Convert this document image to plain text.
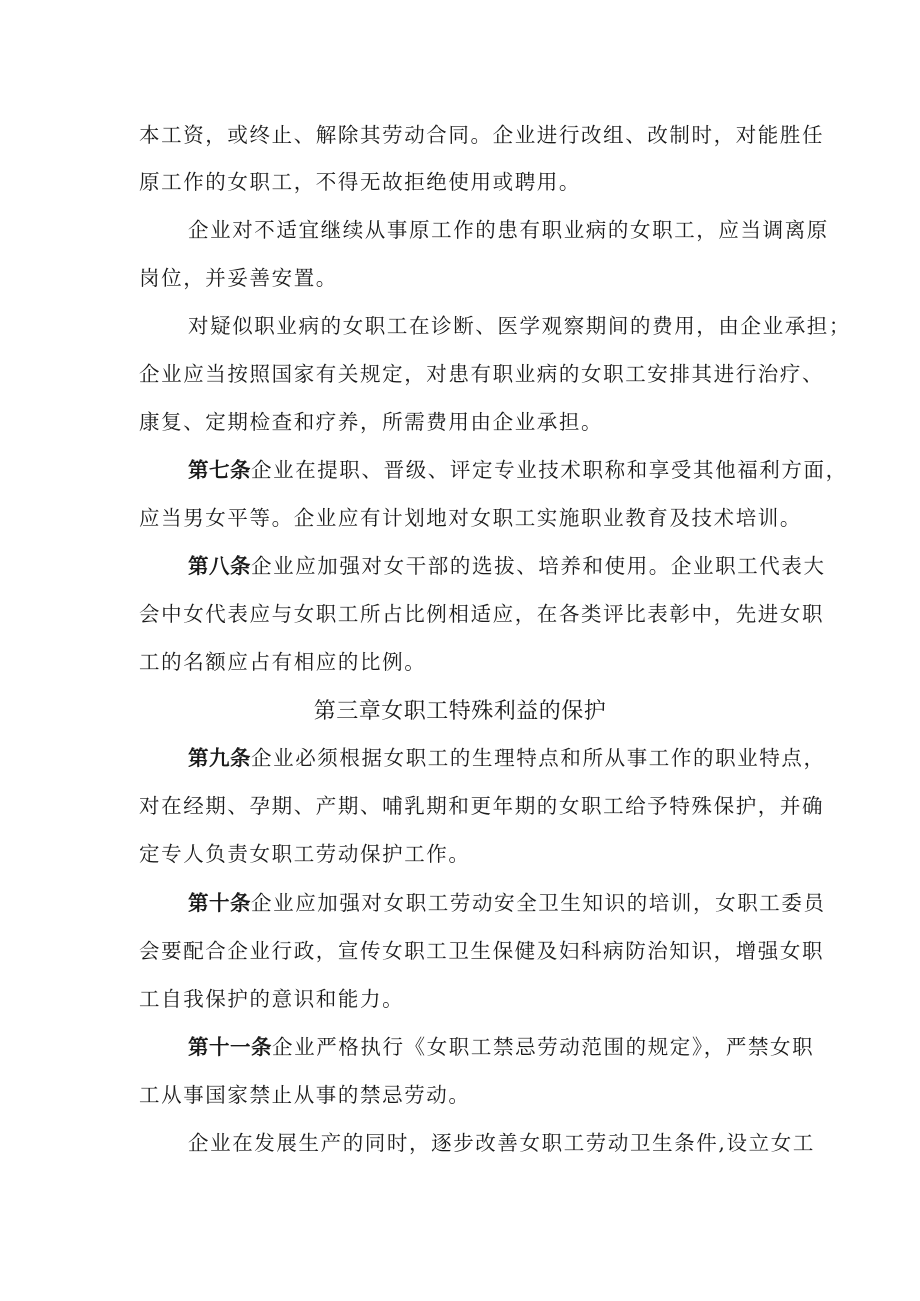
本工资，或终止、解除其劳动合同。企业进行改组、改制时，对能胜任
原工作的女职工，不得无故拒绝使用或聘用。
企业对不适宜继续从事原工作的患有职业病的女职工，应当调离原
岗位，并妥善安置。
对疑似职业病的女职工在诊断、医学观察期间的费用，由企业承担；
企业应当按照国家有关规定，对患有职业病的女职工安排其进行治疗、
康复、定期检查和疗养，所需费用由企业承担。
第七条企业在提职、晋级、评定专业技术职称和享受其他福利方面，
应当男女平等。企业应有计划地对女职工实施职业教育及技术培训。
第八条企业应加强对女干部的选拔、培养和使用。企业职工代表大
会中女代表应与女职工所占比例相适应，在各类评比表彰中，先进女职
工的名额应占有相应的比例。
第三章女职工特殊利益的保护
第九条企业必须根据女职工的生理特点和所从事工作的职业特点，
对在经期、孕期、产期、哺乳期和更年期的女职工给予特殊保护，并确
定专人负责女职工劳动保护工作。
第十条企业应加强对女职工劳动安全卫生知识的培训，女职工委员
会要配合企业行政，宣传女职工卫生保健及妇科病防治知识，增强女职
工自我保护的意识和能力。
第十一条企业严格执行《女职工禁忌劳动范围的规定》，严禁女职
工从事国家禁止从事的禁忌劳动。
企业在发展生产的同时，逐步改善女职工劳动卫生条件,设立女工
